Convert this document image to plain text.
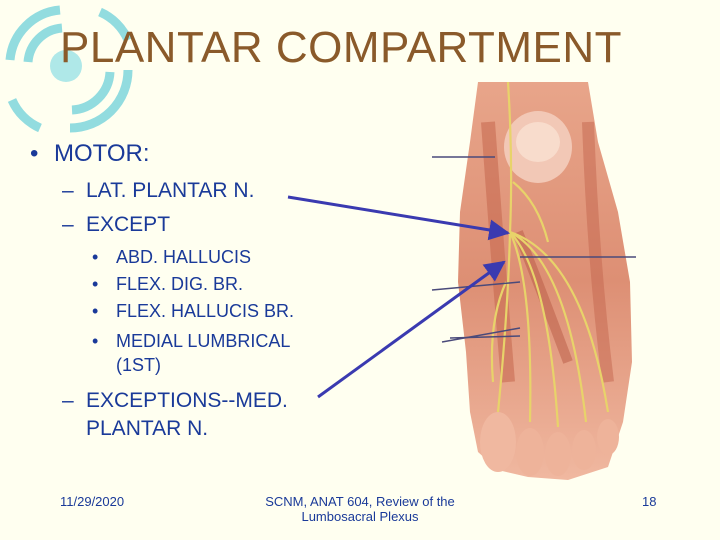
PLANTAR COMPARTMENT
• MOTOR:
– LAT. PLANTAR N.
– EXCEPT
• ABD. HALLUCIS
• FLEX. DIG. BR.
• FLEX. HALLUCIS BR.
• MEDIAL LUMBRICAL
(1ST)
– EXCEPTIONS--MED.
PLANTAR N.
11/29/2020	SCNM, ANAT 604, Review of the
Lumbosacral Plexus
18
